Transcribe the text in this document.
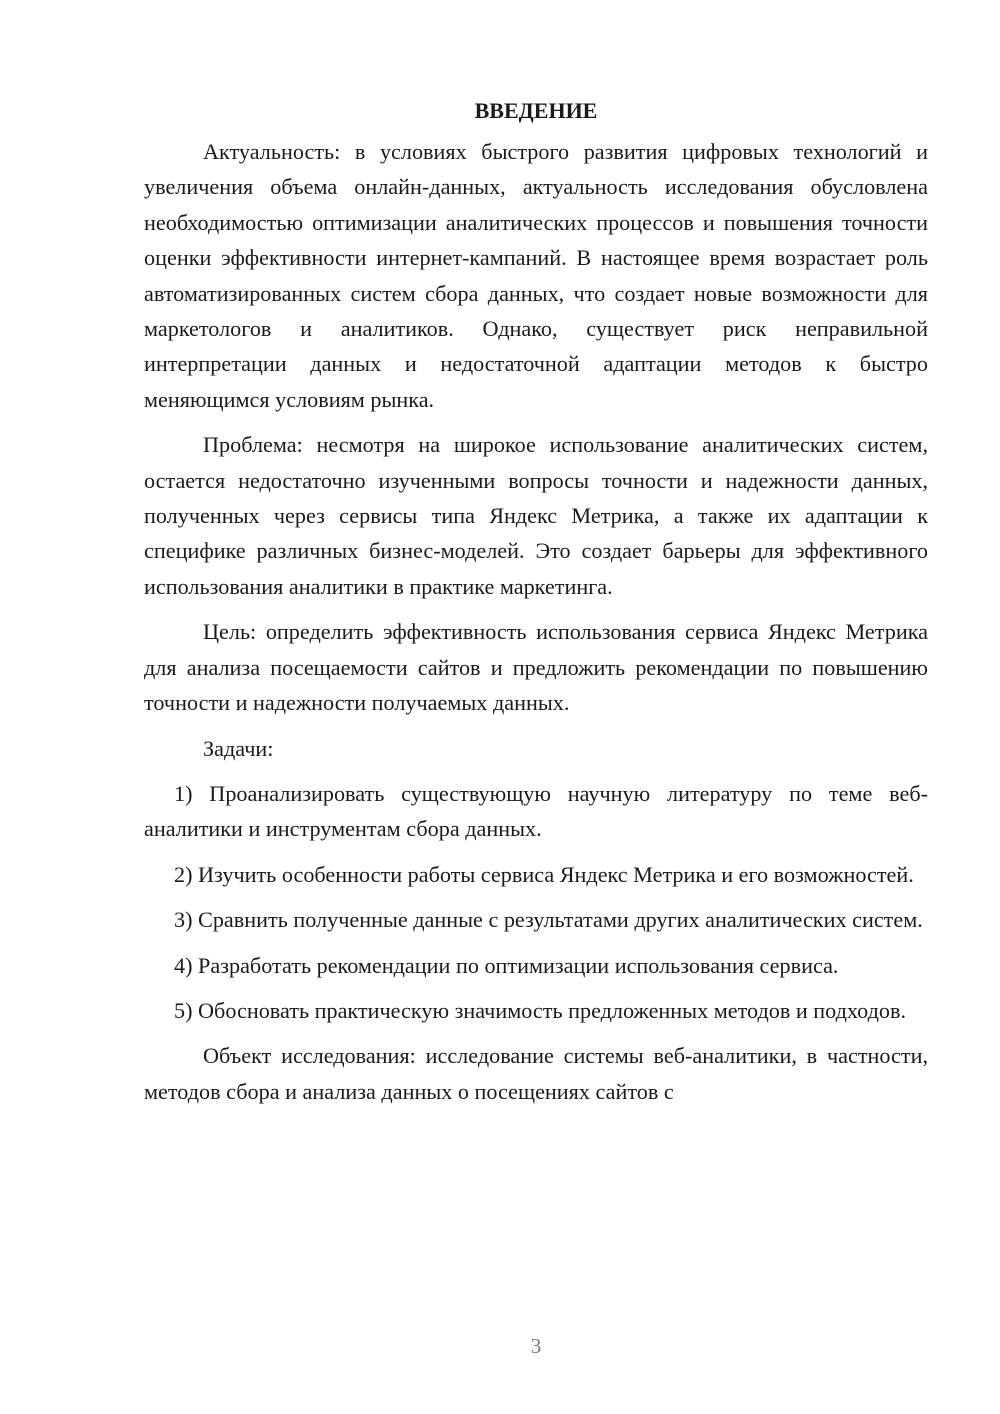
ВВЕДЕНИЕ

Актуальность: в условиях быстрого развития цифровых технологий и увеличения объема онлайн-данных, актуальность исследования обусловлена необходимостью оптимизации аналитических процессов и повышения точности оценки эффективности интернет-кампаний. В настоящее время возрастает роль автоматизированных систем сбора данных, что создает новые возможности для маркетологов и аналитиков. Однако, существует риск неправильной интерпретации данных и недостаточной адаптации методов к быстро меняющимся условиям рынка.

Проблема: несмотря на широкое использование аналитических систем, остается недостаточно изученными вопросы точности и надежности данных, полученных через сервисы типа Яндекс Метрика, а также их адаптации к специфике различных бизнес-моделей. Это создает барьеры для эффективного использования аналитики в практике маркетинга.

Цель: определить эффективность использования сервиса Яндекс Метрика для анализа посещаемости сайтов и предложить рекомендации по повышению точности и надежности получаемых данных.

Задачи:

1) Проанализировать существующую научную литературу по теме веб-аналитики и инструментам сбора данных.

2) Изучить особенности работы сервиса Яндекс Метрика и его возможностей.

3) Сравнить полученные данные с результатами других аналитических систем.

4) Разработать рекомендации по оптимизации использования сервиса.

5) Обосновать практическую значимость предложенных методов и подходов.

Объект исследования: исследование системы веб-аналитики, в частности, методов сбора и анализа данных о посещениях сайтов с

3
